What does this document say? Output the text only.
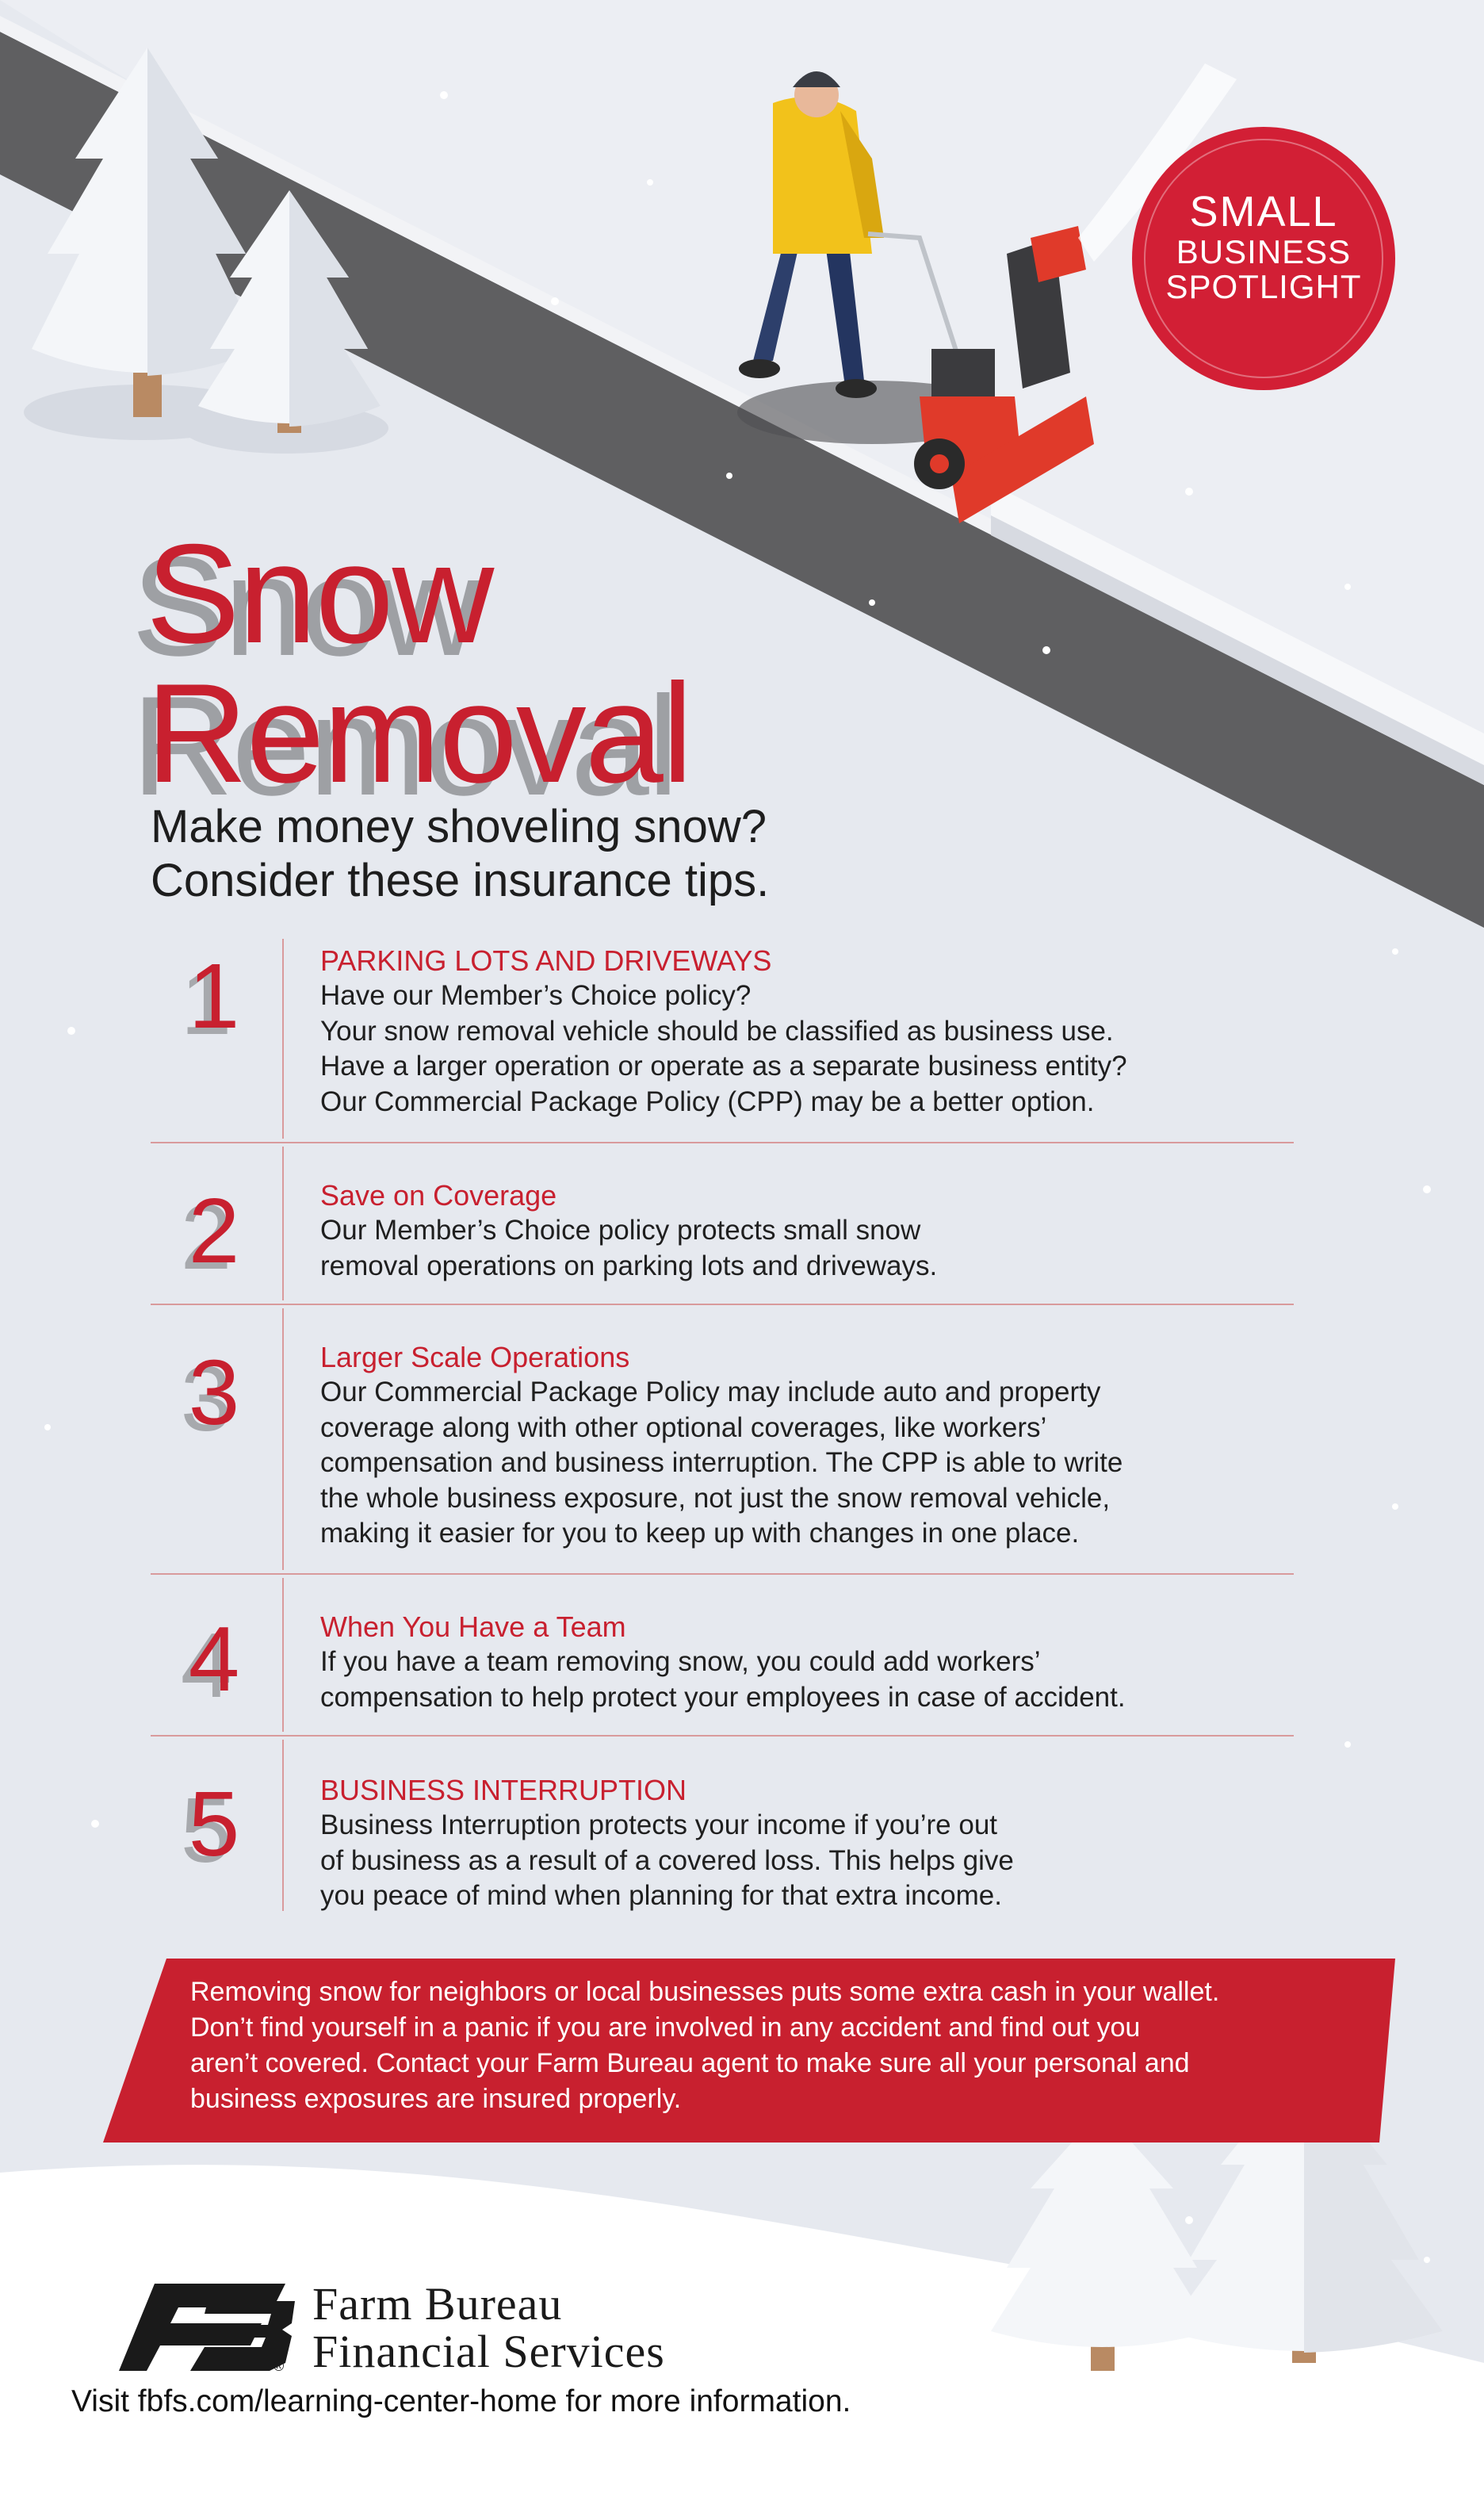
®
SMALL
BUSINESS
SPOTLIGHT
Snow
Removal
Make money shoveling snow?
Consider these insurance tips.
1	PARKING LOTS AND DRIVEWAYS
Have our Member’s Choice policy?
Your snow removal vehicle should be classified as business use.
Have a larger operation or operate as a separate business entity?
Our Commercial Package Policy (CPP) may be a better option.
2	Save on Coverage
Our Member’s Choice policy protects small snow
removal operations on parking lots and driveways.
3	Larger Scale Operations
Our Commercial Package Policy may include auto and property
coverage along with other optional coverages, like workers’
compensation and business interruption. The CPP is able to write
the whole business exposure, not just the snow removal vehicle,
making it easier for you to keep up with changes in one place.
4	When You Have a Team
If you have a team removing snow, you could add workers’
compensation to help protect your employees in case of accident.
5	BUSINESS INTERRUPTION
Business Interruption protects your income if you’re out
of business as a result of a covered loss. This helps give
you peace of mind when planning for that extra income.
Removing snow for neighbors or local businesses puts some extra cash in your wallet.
Don’t find yourself in a panic if you are involved in any accident and find out you
aren’t covered. Contact your Farm Bureau agent to make sure all your personal and
business exposures are insured properly.
Farm Bureau
Financial Services
Visit fbfs.com/learning-center-home for more information.
